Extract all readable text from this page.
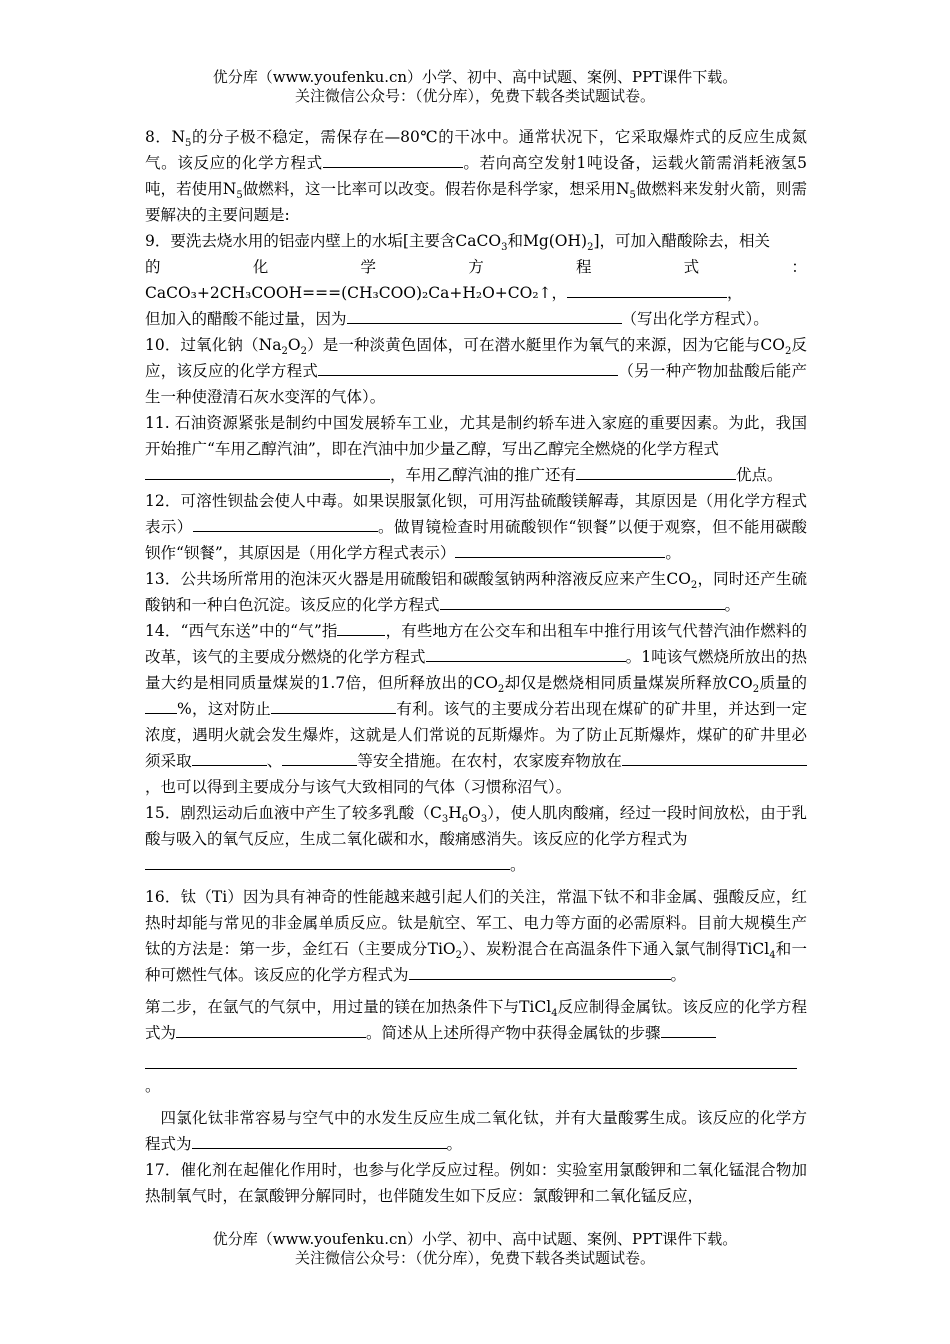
优分库（www.youfenku.cn）小学、初中、高中试题、案例、PPT课件下载。
关注微信公众号：（优分库），免费下载各类试题试卷。

8．$N_5$的分子极不稳定，需保存在—80℃的干冰中。通常状况下，它采取爆炸式的反应生成氮气。该反应的化学方程式	。若向高空发射1吨设备，运载火箭需消耗液氢5吨，若使用$N_5$做燃料，这一比率可以改变。假若你是科学家，想采用$N_5$做燃料来发射火箭，则需要解决的主要问题是:

9．要洗去烧水用的铝壶内壁上的水垢[主要含CaCO$_3$和$Mg(OH)_2$]，可加入醋酸除去，相关

的	化	学	方	程	式	：

CaCO₃+2CH₃COOH===(CH₃COO)₂Ca+H₂O+CO₂↑，	，

但加入的醋酸不能过量，因为	（写出化学方程式）。

10．过氧化钠$(Na_2O_2)$是一种淡黄色固体，可在潜水艇里作为氧气的来源，因为它能与$CO_2$反应，该反应的化学方程式	（另一种产物加盐酸后能产生一种使澄清石灰水变浑的气体）。

11. 石油资源紧张是制约中国发展轿车工业，尤其是制约轿车进入家庭的重要因素。为此，我国开始推广“车用乙醇汽油”，即在汽油中加少量乙醇，写出乙醇完全燃烧的化学方程式

，车用乙醇汽油的推广还有	优点。

12．可溶性钡盐会使人中毒。如果误服氯化钡，可用泻盐硫酸镁解毒，其原因是（用化学方程式表示）	。做胃镜检查时用硫酸钡作“钡餐”以便于观察，但不能用碳酸钡作“钡餐”，其原因是（用化学方程式表示）	。

13．公共场所常用的泡沫灭火器是用硫酸铝和碳酸氢钠两种溶液反应来产生$CO_2$，同时还产生硫酸钠和一种白色沉淀。该反应的化学方程式	。

14．“西气东送”中的“气”指	，有些地方在公交车和出租车中推行用该气代替汽油作燃料的改革，该气的主要成分燃烧的化学方程式	。1吨该气燃烧所放出的热量大约是相同质量煤炭的1.7倍，但所释放出的$CO_2$却仅是燃烧相同质量煤炭所释放$CO_2$质量的%，这对防止	有利。该气的主要成分若出现在煤矿的矿井里，并达到一定浓度，遇明火就会发生爆炸，这就是人们常说的瓦斯爆炸。为了防止瓦斯爆炸，煤矿的矿井里必须采取	、	等安全措施。在农村，农家废弃物放在，也可以得到主要成分与该气大致相同的气体（习惯称沼气）。

15．剧烈运动后血液中产生了较多乳酸$(C_3H_6O_3)$，使人肌肉酸痛，经过一段时间放松，由于乳酸与吸入的氧气反应，生成二氧化碳和水，酸痛感消失。该反应的化学方程式为

。

16．钛（Ti）因为具有神奇的性能越来越引起人们的关注，常温下钛不和非金属、强酸反应，红热时却能与常见的非金属单质反应。钛是航空、军工、电力等方面的必需原料。目前大规模生产钛的方法是：第一步，金红石（主要成分TiO$_2$）、炭粉混合在高温条件下通入氯气制得TiCl$_4$和一种可燃性气体。该反应的化学方程式为	。

第二步，在氩气的气氛中，用过量的镁在加热条件下与TiCl$_4$反应制得金属钛。该反应的化学方程式为	。简述从上述所得产物中获得金属钛的步骤

。

四氯化钛非常容易与空气中的水发生反应生成二氧化钛，并有大量酸雾生成。该反应的化学方程式为	。

17．催化剂在起催化作用时，也参与化学反应过程。例如：实验室用氯酸钾和二氧化锰混合物加热制氧气时，在氯酸钾分解同时，也伴随发生如下反应：氯酸钾和二氧化锰反应，

优分库（www.youfenku.cn）小学、初中、高中试题、案例、PPT课件下载。
关注微信公众号：（优分库），免费下载各类试题试卷。
